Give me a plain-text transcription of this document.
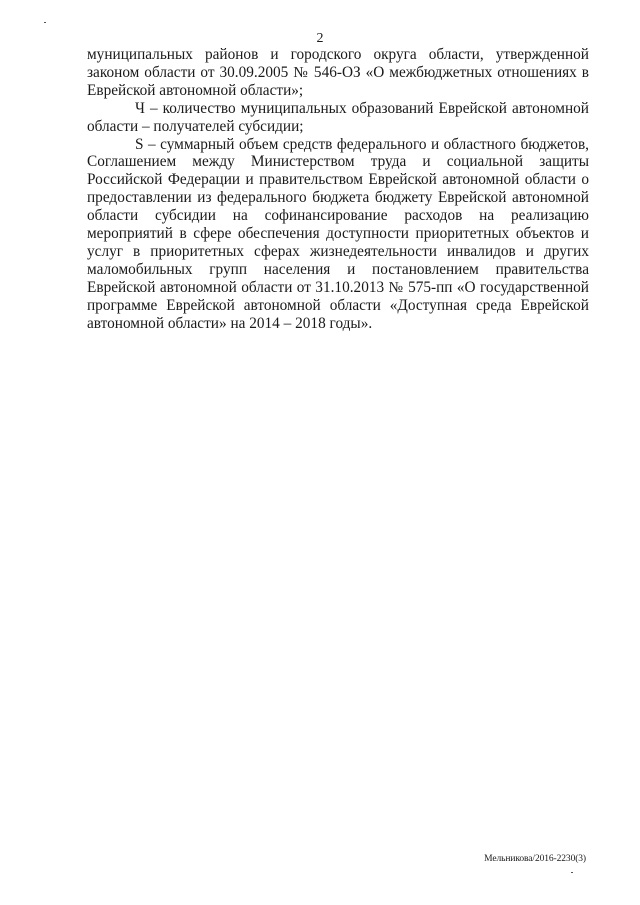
2

муниципальных районов и городского округа области, утвержденной законом области от 30.09.2005 № 546-ОЗ «О межбюджетных отношениях в Еврейской автономной области»;

Ч – количество муниципальных образований Еврейской автономной области – получателей субсидии;

S – суммарный объем средств федерального и областного бюджетов, Соглашением между Министерством труда и социальной защиты Российской Федерации и правительством Еврейской автономной области о предоставлении из федерального бюджета бюджету Еврейской автономной области субсидии на софинансирование расходов на реализацию мероприятий в сфере обеспечения доступности приоритетных объектов и услуг в приоритетных сферах жизнедеятельности инвалидов и других маломобильных групп населения и постановлением правительства Еврейской автономной области от 31.10.2013 № 575-пп «О государственной программе Еврейской автономной области «Доступная среда Еврейской автономной области» на 2014 – 2018 годы».

Мельникова/2016-2230(3)
